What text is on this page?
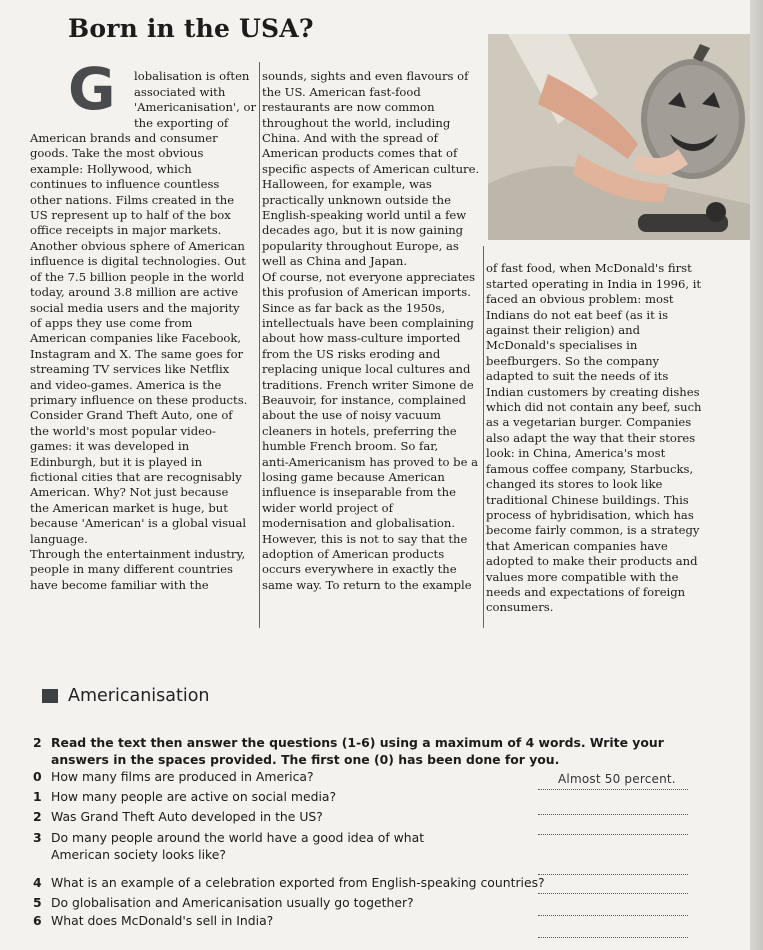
Born in the USA?
G	lobalisation is often
associated with
'Americanisation', or
the exporting of
American brands and consumer
goods. Take the most obvious
example: Hollywood, which
continues to influence countless
other nations. Films created in the
US represent up to half of the box
office receipts in major markets.
Another obvious sphere of American
influence is digital technologies. Out
of the 7.5 billion people in the world
today, around 3.8 million are active
social media users and the majority
of apps they use come from
American companies like Facebook,
Instagram and X. The same goes for
streaming TV services like Netflix
and video-games. America is the
primary influence on these products.
Consider Grand Theft Auto, one of
the world's most popular video-
games: it was developed in
Edinburgh, but it is played in
fictional cities that are recognisably
American. Why? Not just because
the American market is huge, but
because 'American' is a global visual
language.
Through the entertainment industry,
people in many different countries
have become familiar with the

sounds, sights and even flavours of
the US. American fast-food
restaurants are now common
throughout the world, including
China. And with the spread of
American products comes that of
specific aspects of American culture.
Halloween, for example, was
practically unknown outside the
English-speaking world until a few
decades ago, but it is now gaining
popularity throughout Europe, as
well as China and Japan.
Of course, not everyone appreciates
this profusion of American imports.
Since as far back as the 1950s,
intellectuals have been complaining
about how mass-culture imported
from the US risks eroding and
replacing unique local cultures and
traditions. French writer Simone de
Beauvoir, for instance, complained
about the use of noisy vacuum
cleaners in hotels, preferring the
humble French broom. So far,
anti-Americanism has proved to be a
losing game because American
influence is inseparable from the
wider world project of
modernisation and globalisation.
However, this is not to say that the
adoption of American products
occurs everywhere in exactly the
same way. To return to the example

of fast food, when McDonald's first
started operating in India in 1996, it
faced an obvious problem: most
Indians do not eat beef (as it is
against their religion) and
McDonald's specialises in
beefburgers. So the company
adapted to suit the needs of its
Indian customers by creating dishes
which did not contain any beef, such
as a vegetarian burger. Companies
also adapt the way that their stores
look: in China, America's most
famous coffee company, Starbucks,
changed its stores to look like
traditional Chinese buildings. This
process of hybridisation, which has
become fairly common, is a strategy
that American companies have
adopted to make their products and
values more compatible with the
needs and expectations of foreign
consumers.

Americanisation
2 Read the text then answer the questions (1-6) using a maximum of 4 words. Write your answers in the spaces provided. The first one (0) has been done for you.
0 How many films are produced in America?	Almost 50 percent.
1 How many people are active on social media?
2 Was Grand Theft Auto developed in the US?
3 Do many people around the world have a good idea of what American society looks like?
4 What is an example of a celebration exported from English-speaking countries?
5 Do globalisation and Americanisation usually go together?
6 What does McDonald's sell in India?
